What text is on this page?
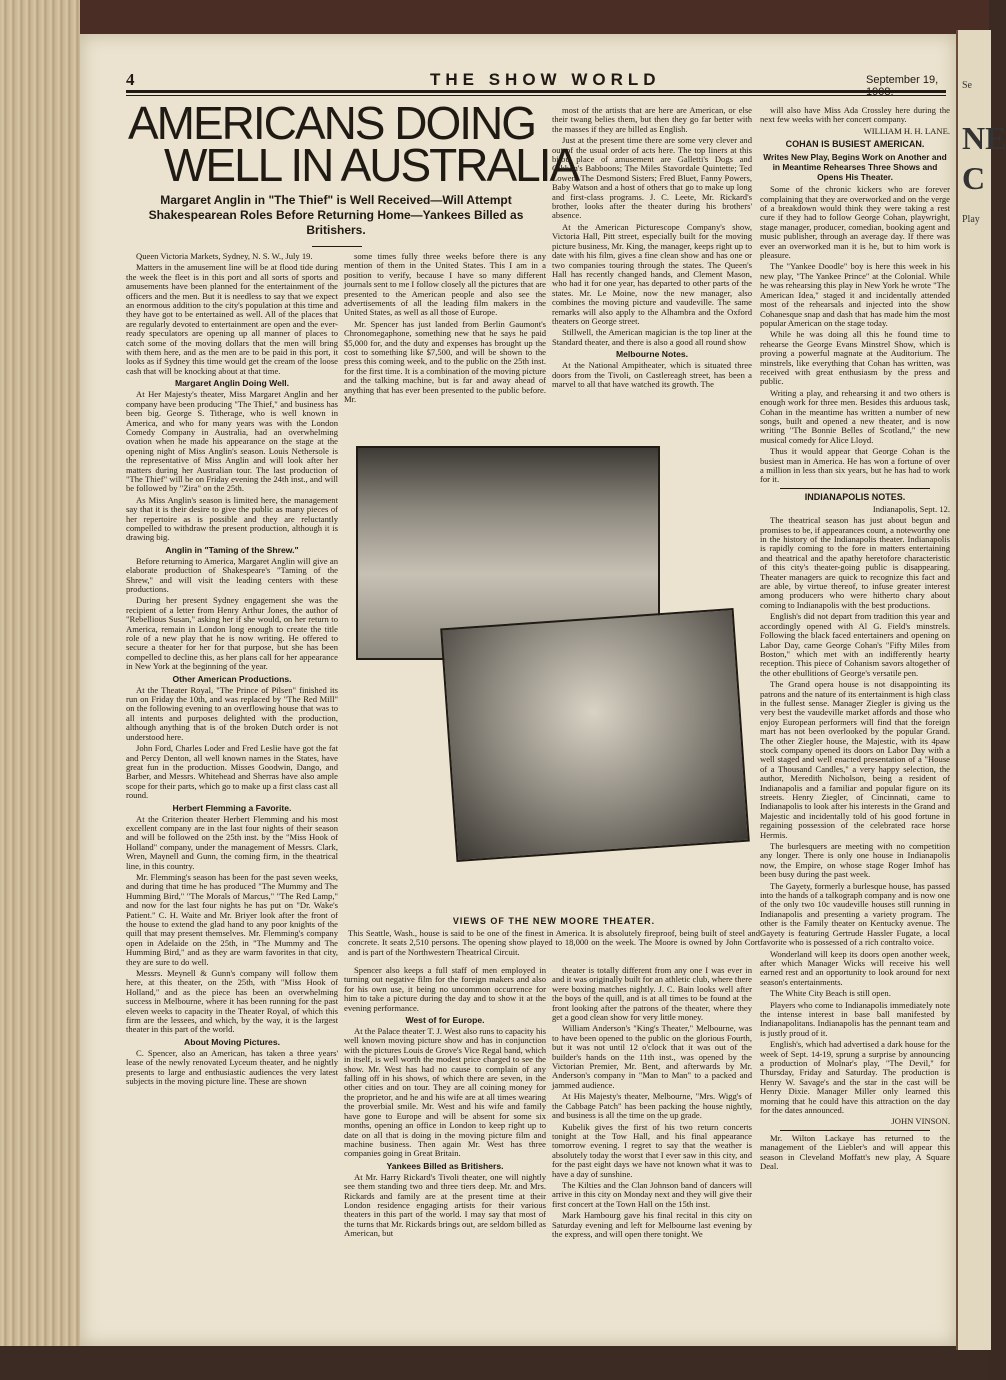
Se
NE
C
Play
4	THE SHOW WORLD	September 19,
AMERICANS DOING
WELL IN AUSTRALIA
Margaret Anglin in "The Thief" is Well Received—Will Attempt Shakespearean Roles Before Returning Home—Yankees Billed as Britishers.

Queen Victoria Markets, Sydney, N. S. W., July 19.

Matters in the amusement line will be at flood tide during the week the fleet is in this port and all sorts of sports and amusements have been planned for the entertainment of the officers and the men. But it is needless to say that we expect an enormous addition to the city's population at this time and they have got to be entertained as well. All of the places that are regularly devoted to entertainment are open and the ever-ready speculators are opening up all manner of places to catch some of the moving dollars that the men will bring with them here, and as the men are to be paid in this port, it looks as if Sydney this time would get the cream of the loose cash that will be knocking about at that time.

Margaret Anglin Doing Well.

At Her Majesty's theater, Miss Margaret Anglin and her company have been producing "The Thief," and business has been big. George S. Titherage, who is well known in America, and who for many years was with the London Comedy Company in Australia, had an overwhelming ovation when he made his appearance on the stage at the opening night of Miss Anglin's season. Louis Nethersole is the representative of Miss Anglin and will look after her matters during her Australian tour. The last production of "The Thief" will be on Friday evening the 24th inst., and will be followed by "Zira" on the 25th.

As Miss Anglin's season is limited here, the management say that it is their desire to give the public as many pieces of her repertoire as is possible and they are reluctantly compelled to withdraw the present production, although it is drawing big.

Anglin in "Taming of the Shrew."

Before returning to America, Margaret Anglin will give an elaborate production of Shakespeare's "Taming of the Shrew," and will visit the leading centers with these productions.

During her present Sydney engagement she was the recipient of a letter from Henry Arthur Jones, the author of "Rebellious Susan," asking her if she would, on her return to America, remain in London long enough to create the title role of a new play that he is now writing. He offered to secure a theater for her for that purpose, but she has been compelled to decline this, as her plans call for her appearance in New York at the beginning of the year.

Other American Productions.

At the Theater Royal, "The Prince of Pilsen" finished its run on Friday the 10th, and was replaced by "The Red Mill" on the following evening to an overflowing house that was to all intents and purposes delighted with the production, although anything that is of the broken Dutch order is not understood here.

John Ford, Charles Loder and Fred Leslie have got the fat and Percy Denton, all well known names in the States, have great fun in the production. Misses Goodwin, Dango, and Barber, and Messrs. Whitehead and Sherras have also ample scope for their parts, which go to make up a first class cast all round.

Herbert Flemming a Favorite.

At the Criterion theater Herbert Flemming and his most excellent company are in the last four nights of their season and will be followed on the 25th inst. by the "Miss Hook of Holland" company, under the management of Messrs. Clark, Wren, Maynell and Gunn, the coming firm, in the theatrical line, in this country.

Mr. Flemming's season has been for the past seven weeks, and during that time he has produced "The Mummy and The Humming Bird," "The Morals of Marcus," "The Red Lamp," and now for the last four nights he has put on "Dr. Wake's Patient." C. H. Waite and Mr. Briyer look after the front of the house to extend the glad hand to any poor knights of the quill that may present themselves. Mr. Flemming's company open in Adelaide on the 25th, in "The Mummy and The Humming Bird," and as they are warm favorites in that city, they are sure to do well.

Messrs. Meynell & Gunn's company will follow them here, at this theater, on the 25th, with "Miss Hook of Holland," and as the piece has been an overwhelming success in Melbourne, where it has been running for the past eleven weeks to capacity in the Theater Royal, of which this firm are the lessees, and which, by the way, it is the largest theater in this part of the world.

About Moving Pictures.

C. Spencer, also an American, has taken a three years' lease of the newly renovated Lyceum theater, and he nightly presents to large and enthusiastic audiences the very latest subjects in the moving picture line. These are shown

some times fully three weeks before there is any mention of them in the United States. This I am in a position to verify, because I have so many different journals sent to me I follow closely all the pictures that are presented to the American people and also see the advertisements of all the leading film makers in the United States, as well as all those of Europe.

Mr. Spencer has just landed from Berlin Gaumont's Chronomegaphone, something new that he says he paid $5,000 for, and the duty and expenses has brought up the cost to something like $7,500, and will be shown to the press this coming week, and to the public on the 25th inst. for the first time. It is a combination of the moving picture and the talking machine, but is far and away ahead of anything that has ever been presented to the public before. Mr.

most of the artists that are here are American, or else their twang belies them, but then they go far better with the masses if they are billed as English.

Just at the present time there are some very clever and out of the usual order of acts here. The top liners at this bijou place of amusement are Galletti's Dogs and Gibbon's Babboons; The Miles Stavordale Quintette; Ted Lowen; The Desmond Sisters; Fred Bluet, Fanny Powers, Baby Watson and a host of others that go to make up long and first-class programs. J. C. Leete, Mr. Rickard's brother, looks after the theater during his brothers' absence.

At the American Picturescope Company's show, Victoria Hall, Pitt street, especially built for the moving picture business, Mr. King, the manager, keeps right up to date with his film, gives a fine clean show and has one or two companies touring through the states. The Queen's Hall has recently changed hands, and Clement Mason, who had it for one year, has departed to other parts of the states. Mr. Le Moine, now the new manager, also combines the moving picture and vaudeville. The same remarks will also apply to the Alhambra and the Oxford theaters on George street.

Stillwell, the American magician is the top liner at the Standard theater, and there is also a good all round show

Melbourne Notes.

At the National Ampitheater, which is situated three doors from the Tivoli, on Castlereagh street, has been a marvel to all that have watched its growth. The

VIEWS OF THE NEW MOORE THEATER.
This Seattle, Wash., house is said to be one of the finest in America. It is absolutely fireproof, being built of steel and concrete. It seats 2,510 persons. The opening show played to 18,000 on the week. The Moore is owned by John Cort and is part of the Northwestern Theatrical Circuit.

Spencer also keeps a full staff of men employed in turning out negative film for the foreign makers and also for his own use, it being no uncommon occurrence for him to take a picture during the day and to show it at the evening performance.

West of for Europe.

At the Palace theater T. J. West also runs to capacity his well known moving picture show and has in conjunction with the pictures Louis de Grove's Vice Regal band, which in itself, is well worth the modest price charged to see the show. Mr. West has had no cause to complain of any falling off in his shows, of which there are seven, in the other cities and on tour. They are all coining money for the proprietor, and he and his wife are at all times wearing the proverbial smile. Mr. West and his wife and family have gone to Europe and will be absent for some six months, opening an office in London to keep right up to date on all that is doing in the moving picture film and machine business. Then again Mr. West has three companies going in Great Britain.

Yankees Billed as Britishers.

At Mr. Harry Rickard's Tivoli theater, one will nightly see them standing two and three tiers deep. Mr. and Mrs. Rickards and family are at the present time at their London residence engaging artists for their various theaters in this part of the world. I may say that most of the turns that Mr. Rickards brings out, are seldom billed as American, but

theater is totally different from any one I was ever in and it was originally built for an athletic club, where there were boxing matches nightly. J. C. Bain looks well after the boys of the quill, and is at all times to be found at the front looking after the patrons of the theater, where they get a good clean show for very little money.

William Anderson's "King's Theater," Melbourne, was to have been opened to the public on the glorious Fourth, but it was not until 12 o'clock that it was out of the builder's hands on the 11th inst., was opened by the Victorian Premier, Mr. Bent, and afterwards by Mr. Anderson's company in "Man to Man" to a packed and jammed audience.

At His Majesty's theater, Melbourne, "Mrs. Wigg's of the Cabbage Patch" has been packing the house nightly, and business is all the time on the up grade.

Kubelik gives the first of his two return concerts tonight at the Tow Hall, and his final appearance tomorrow evening. I regret to say that the weather is absolutely today the worst that I ever saw in this city, and for the past eight days we have not known what it was to have a day of sunshine.

The Kilties and the Clan Johnson band of dancers will arrive in this city on Monday next and they will give their first concert at the Town Hall on the 15th inst.

Mark Hambourg gave his final recital in this city on Saturday evening and left for Melbourne last evening by the express, and will open there tonight. We

will also have Miss Ada Crossley here during the next few weeks with her concert company.

WILLIAM H. H. LANE.
COHAN IS BUSIEST AMERICAN.
Writes New Play, Begins Work on Another and in Meantime Rehearses Three Shows and Opens His Theater.

Some of the chronic kickers who are forever complaining that they are overworked and on the verge of a breakdown would think they were taking a rest cure if they had to follow George Cohan, playwright, stage manager, producer, comedian, booking agent and music publisher, through an average day. If there was ever an overworked man it is he, but to him work is pleasure.

The "Yankee Doodle" boy is here this week in his new play, "The Yankee Prince" at the Colonial. While he was rehearsing this play in New York he wrote "The American Idea," staged it and incidentally attended most of the rehearsals and injected into the show Cohanesque snap and dash that has made him the most popular American on the stage today.

While he was doing all this he found time to rehearse the George Evans Minstrel Show, which is proving a powerful magnate at the Auditorium. The minstrels, like everything that Cohan has written, was received with great enthusiasm by the press and public.

Writing a play, and rehearsing it and two others is enough work for three men. Besides this arduous task, Cohan in the meantime has written a number of new songs, built and opened a new theater, and is now writing "The Bonnie Belles of Scotland," the new musical comedy for Alice Lloyd.

Thus it would appear that George Cohan is the busiest man in America. He has won a fortune of over a million in less than six years, but he has had to work for it.

INDIANAPOLIS NOTES.
Indianapolis, Sept. 12.

The theatrical season has just about begun and promises to be, if appearances count, a noteworthy one in the history of the Indianapolis theater. Indianapolis is rapidly coming to the fore in matters entertaining and theatrical and the apathy heretofore characteristic of this city's theater-going public is disappearing. Theater managers are quick to recognize this fact and are able, by virtue thereof, to infuse greater interest among producers who were hitherto chary about coming to Indianapolis with the best productions.

English's did not depart from tradition this year and accordingly opened with Al G. Field's minstrels. Following the black faced entertainers and opening on Labor Day, came George Cohan's "Fifty Miles from Boston," which met with an indifferently hearty reception. This piece of Cohanism savors altogether of the other ebullitions of George's versatile pen.

The Grand opera house is not disappointing its patrons and the nature of its entertainment is high class in the fullest sense. Manager Ziegler is giving us the very best the vaudeville market affords and those who enjoy European performers will find that the foreign mart has not been overlooked by the popular Grand. The other Ziegler house, the Majestic, with its 4paw stock company opened its doors on Labor Day with a well staged and well enacted presentation of a "House of a Thousand Candles," a very happy selection, the author, Meredith Nicholson, being a resident of Indianapolis and a familiar and popular figure on its streets. Henry Ziegler, of Cincinnati, came to Indianapolis to look after his interests in the Grand and Majestic and incidentally told of his good fortune in regaining possession of the celebrated race horse Hermis.

The burlesquers are meeting with no competition any longer. There is only one house in Indianapolis now, the Empire, on whose stage Roger Imhof has been busy during the past week.

The Gayety, formerly a burlesque house, has passed into the hands of a talkograph company and is now one of the only two 10c vaudeville houses still running in Indianapolis and presenting a variety program. The other is the Family theater on Kentucky avenue. The Gayety is featuring Gertrude Hassler Fugate, a local favorite who is possessed of a rich contralto voice.

Wonderland will keep its doors open another week, after which Manager Wicks will receive his well earned rest and an opportunity to look around for next season's entertainments.

The White City Beach is still open.

Players who come to Indianapolis immediately note the intense interest in base ball manifested by Indianapolitans. Indianapolis has the pennant team and is justly proud of it.

English's, which had advertised a dark house for the week of Sept. 14-19, sprung a surprise by announcing a production of Molnar's play, "The Devil," for Thursday, Friday and Saturday. The production is Henry W. Savage's and the star in the cast will be Henry Dixie. Manager Miller only learned this morning that he could have this attraction on the day for the dates announced.

JOHN VINSON.

Mr. Wilton Lackaye has returned to the management of the Liebler's and will appear this season in Cleveland Moffatt's new play, A Square Deal.
